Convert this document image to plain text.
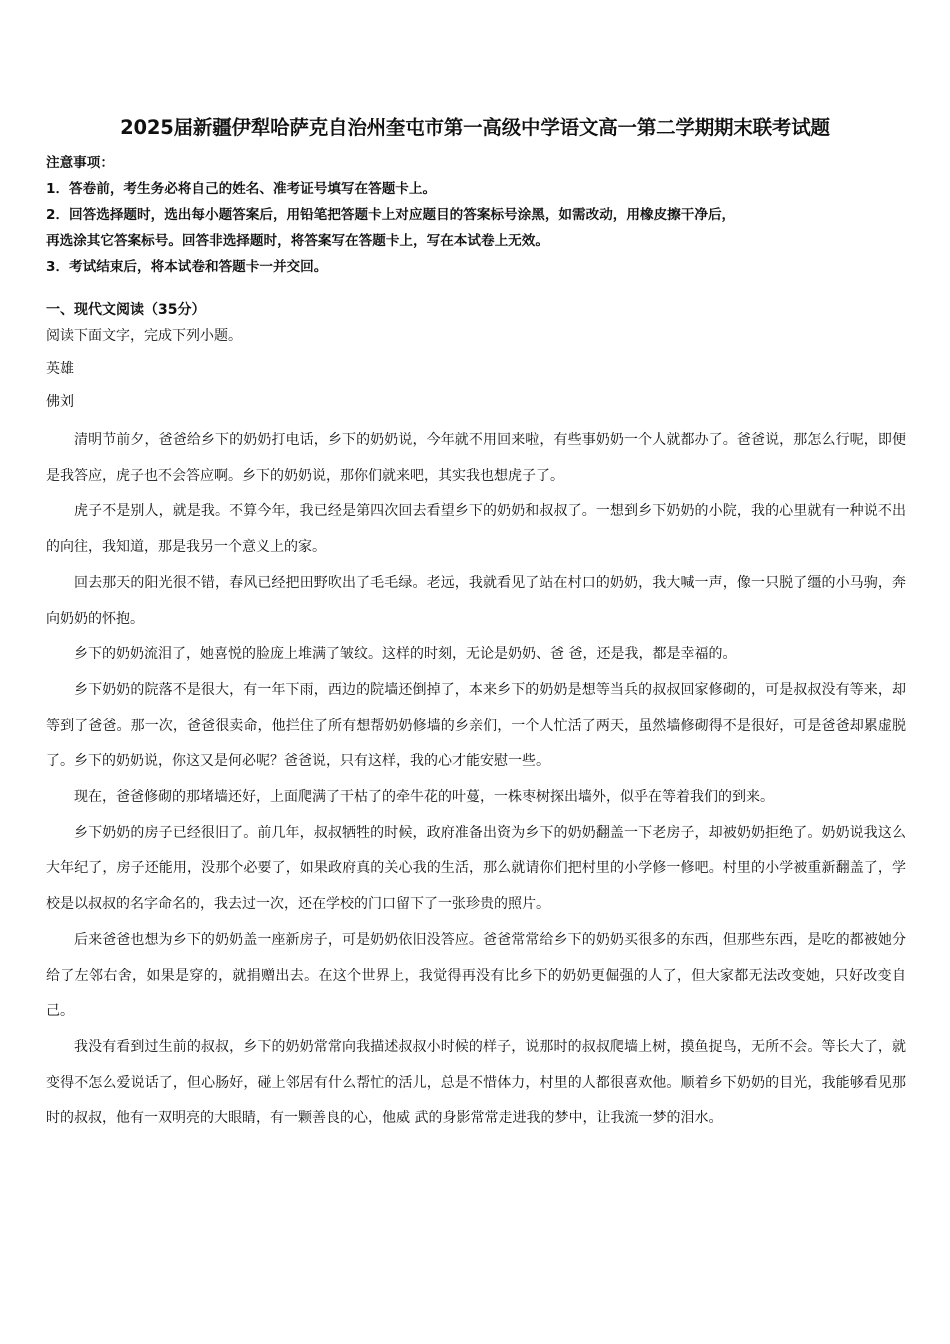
2025届新疆伊犁哈萨克自治州奎屯市第一高级中学语文高一第二学期期末联考试题
注意事项：
1．答卷前，考生务必将自己的姓名、准考证号填写在答题卡上。
2．回答选择题时，选出每小题答案后，用铅笔把答题卡上对应题目的答案标号涂黑，如需改动，用橡皮擦干净后，
再选涂其它答案标号。回答非选择题时，将答案写在答题卡上，写在本试卷上无效。
3．考试结束后，将本试卷和答题卡一并交回。
一、现代文阅读（35分）
阅读下面文字，完成下列小题。
英雄
佛刘

清明节前夕，爸爸给乡下的奶奶打电话，乡下的奶奶说，今年就不用回来啦，有些事奶奶一个人就都办了。爸爸说，那怎么行呢，即便是我答应，虎子也不会答应啊。乡下的奶奶说，那你们就来吧，其实我也想虎子了。

虎子不是别人，就是我。不算今年，我已经是第四次回去看望乡下的奶奶和叔叔了。一想到乡下奶奶的小院，我的心里就有一种说不出的向往，我知道，那是我另一个意义上的家。

回去那天的阳光很不错，春风已经把田野吹出了毛毛绿。老远，我就看见了站在村口的奶奶，我大喊一声，像一只脱了缰的小马驹，奔向奶奶的怀抱。

乡下的奶奶流泪了，她喜悦的脸庞上堆满了皱纹。这样的时刻，无论是奶奶、爸 爸，还是我，都是幸福的。

乡下奶奶的院落不是很大，有一年下雨，西边的院墙还倒掉了，本来乡下的奶奶是想等当兵的叔叔回家修砌的，可是叔叔没有等来，却等到了爸爸。那一次，爸爸很卖命，他拦住了所有想帮奶奶修墙的乡亲们，一个人忙活了两天，虽然墙修砌得不是很好，可是爸爸却累虚脱了。乡下的奶奶说，你这又是何必呢？爸爸说，只有这样，我的心才能安慰一些。

现在，爸爸修砌的那堵墙还好，上面爬满了干枯了的牵牛花的叶蔓，一株枣树探出墙外，似乎在等着我们的到来。

乡下奶奶的房子已经很旧了。前几年，叔叔牺牲的时候，政府准备出资为乡下的奶奶翻盖一下老房子，却被奶奶拒绝了。奶奶说我这么大年纪了，房子还能用，没那个必要了，如果政府真的关心我的生活，那么就请你们把村里的小学修一修吧。村里的小学被重新翻盖了，学校是以叔叔的名字命名的，我去过一次，还在学校的门口留下了一张珍贵的照片。

后来爸爸也想为乡下的奶奶盖一座新房子，可是奶奶依旧没答应。爸爸常常给乡下的奶奶买很多的东西，但那些东西，是吃的都被她分给了左邻右舍，如果是穿的，就捐赠出去。在这个世界上，我觉得再没有比乡下的奶奶更倔强的人了，但大家都无法改变她，只好改变自己。

我没有看到过生前的叔叔，乡下的奶奶常常向我描述叔叔小时候的样子，说那时的叔叔爬墙上树，摸鱼捉鸟，无所不会。等长大了，就变得不怎么爱说话了，但心肠好，碰上邻居有什么帮忙的活儿，总是不惜体力，村里的人都很喜欢他。顺着乡下奶奶的目光，我能够看见那时的叔叔，他有一双明亮的大眼睛，有一颗善良的心，他威 武的身影常常走进我的梦中，让我流一梦的泪水。
